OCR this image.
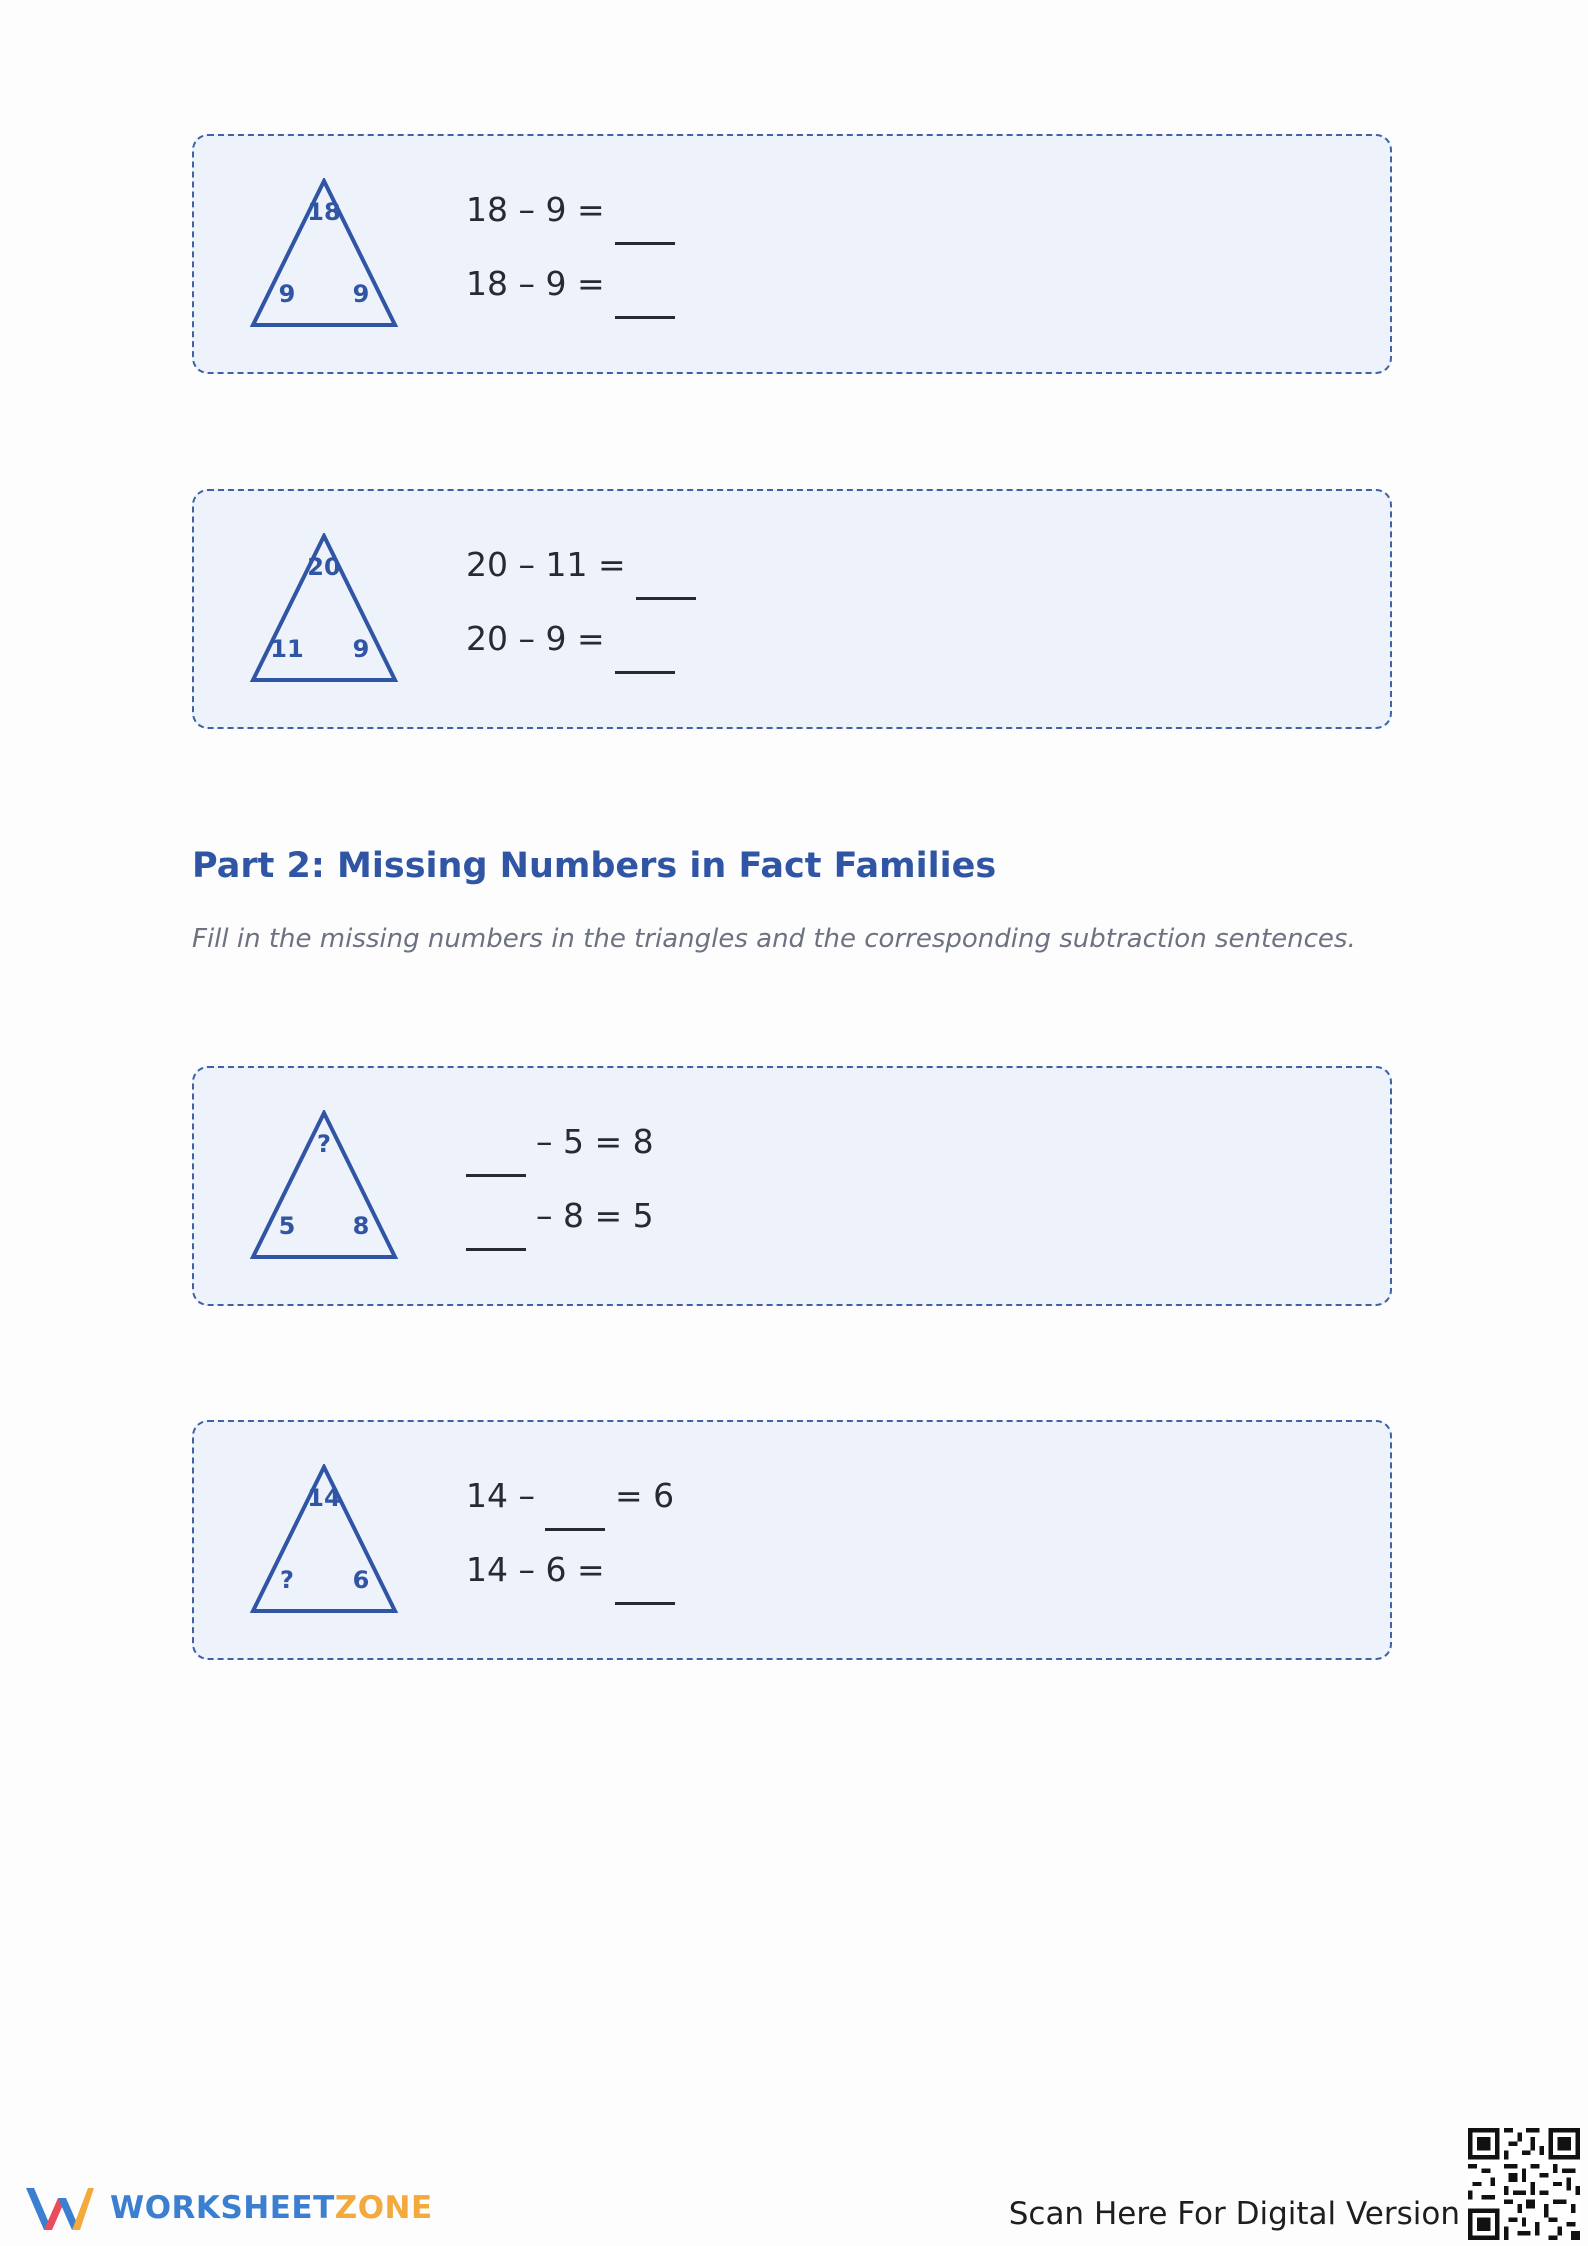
18
9 9
18 – 9 =
18 – 9 =
20
11 9
20 – 11 =
20 – 9 =
Part 2: Missing Numbers in Fact Families

Fill in the missing numbers in the triangles and the corresponding subtraction sentences.

?
5 8
– 5 = 8
– 8 = 5
14
? 6
14 – = 6
14 – 6 =
WORKSHEETZONE	Scan Here For Digital Version
